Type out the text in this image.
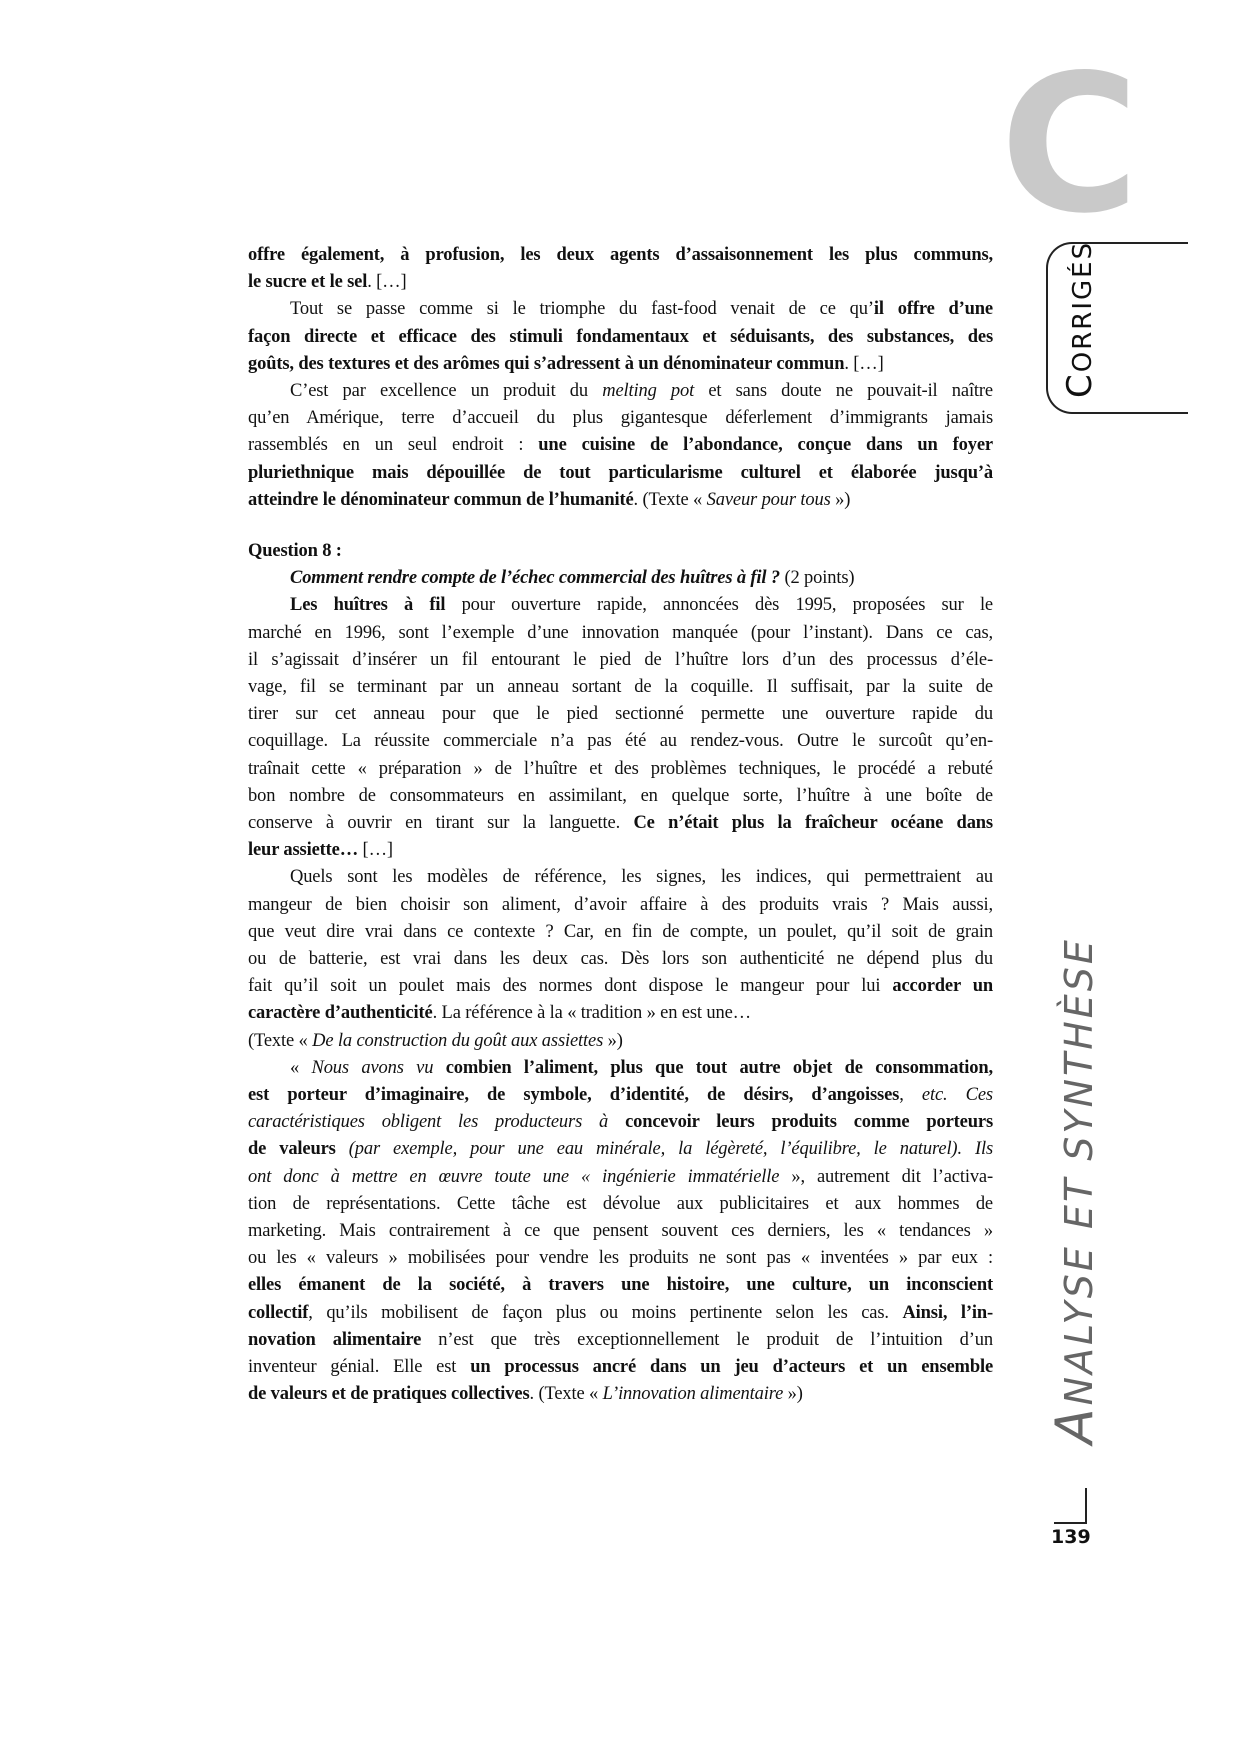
C
CORRIGÉS
offre également, à profusion, les deux agents d’assaisonnement les plus communs,
le sucre et le sel. […]
Tout se passe comme si le triomphe du fast-food venait de ce qu’il offre d’une
façon directe et efficace des stimuli fondamentaux et séduisants, des substances, des
goûts, des textures et des arômes qui s’adressent à un dénominateur commun. […]
C’est par excellence un produit du melting pot et sans doute ne pouvait-il naître
qu’en Amérique, terre d’accueil du plus gigantesque déferlement d’immigrants jamais
rassemblés en un seul endroit : une cuisine de l’abondance, conçue dans un foyer
pluriethnique mais dépouillée de tout particularisme culturel et élaborée jusqu’à
atteindre le dénominateur commun de l’humanité. (Texte « Saveur pour tous »)
Question 8 :
Comment rendre compte de l’échec commercial des huîtres à fil ? (2 points)
Les huîtres à fil pour ouverture rapide, annoncées dès 1995, proposées sur le
marché en 1996, sont l’exemple d’une innovation manquée (pour l’instant). Dans ce cas,
il s’agissait d’insérer un fil entourant le pied de l’huître lors d’un des processus d’éle-
vage, fil se terminant par un anneau sortant de la coquille. Il suffisait, par la suite de
tirer sur cet anneau pour que le pied sectionné permette une ouverture rapide du
coquillage. La réussite commerciale n’a pas été au rendez-vous. Outre le surcoût qu’en-
traînait cette « préparation » de l’huître et des problèmes techniques, le procédé a rebuté
bon nombre de consommateurs en assimilant, en quelque sorte, l’huître à une boîte de
conserve à ouvrir en tirant sur la languette. Ce n’était plus la fraîcheur océane dans
leur assiette… […]
Quels sont les modèles de référence, les signes, les indices, qui permettraient au
mangeur de bien choisir son aliment, d’avoir affaire à des produits vrais ? Mais aussi,
que veut dire vrai dans ce contexte ? Car, en fin de compte, un poulet, qu’il soit de grain
ou de batterie, est vrai dans les deux cas. Dès lors son authenticité ne dépend plus du
fait qu’il soit un poulet mais des normes dont dispose le mangeur pour lui accorder un
caractère d’authenticité. La référence à la « tradition » en est une…
(Texte « De la construction du goût aux assiettes »)
« Nous avons vu combien l’aliment, plus que tout autre objet de consommation,
est porteur d’imaginaire, de symbole, d’identité, de désirs, d’angoisses, etc. Ces
caractéristiques obligent les producteurs à concevoir leurs produits comme porteurs
de valeurs (par exemple, pour une eau minérale, la légèreté, l’équilibre, le naturel). Ils
ont donc à mettre en œuvre toute une « ingénierie immatérielle », autrement dit l’activa-
tion de représentations. Cette tâche est dévolue aux publicitaires et aux hommes de
marketing. Mais contrairement à ce que pensent souvent ces derniers, les « tendances »
ou les « valeurs » mobilisées pour vendre les produits ne sont pas « inventées » par eux :
elles émanent de la société, à travers une histoire, une culture, un inconscient
collectif, qu’ils mobilisent de façon plus ou moins pertinente selon les cas. Ainsi, l’in-
novation alimentaire n’est que très exceptionnellement le produit de l’intuition d’un
inventeur génial. Elle est un processus ancré dans un jeu d’acteurs et un ensemble
de valeurs et de pratiques collectives. (Texte « L’innovation alimentaire »)
ANALYSE ET SYNTHÈSE
139
